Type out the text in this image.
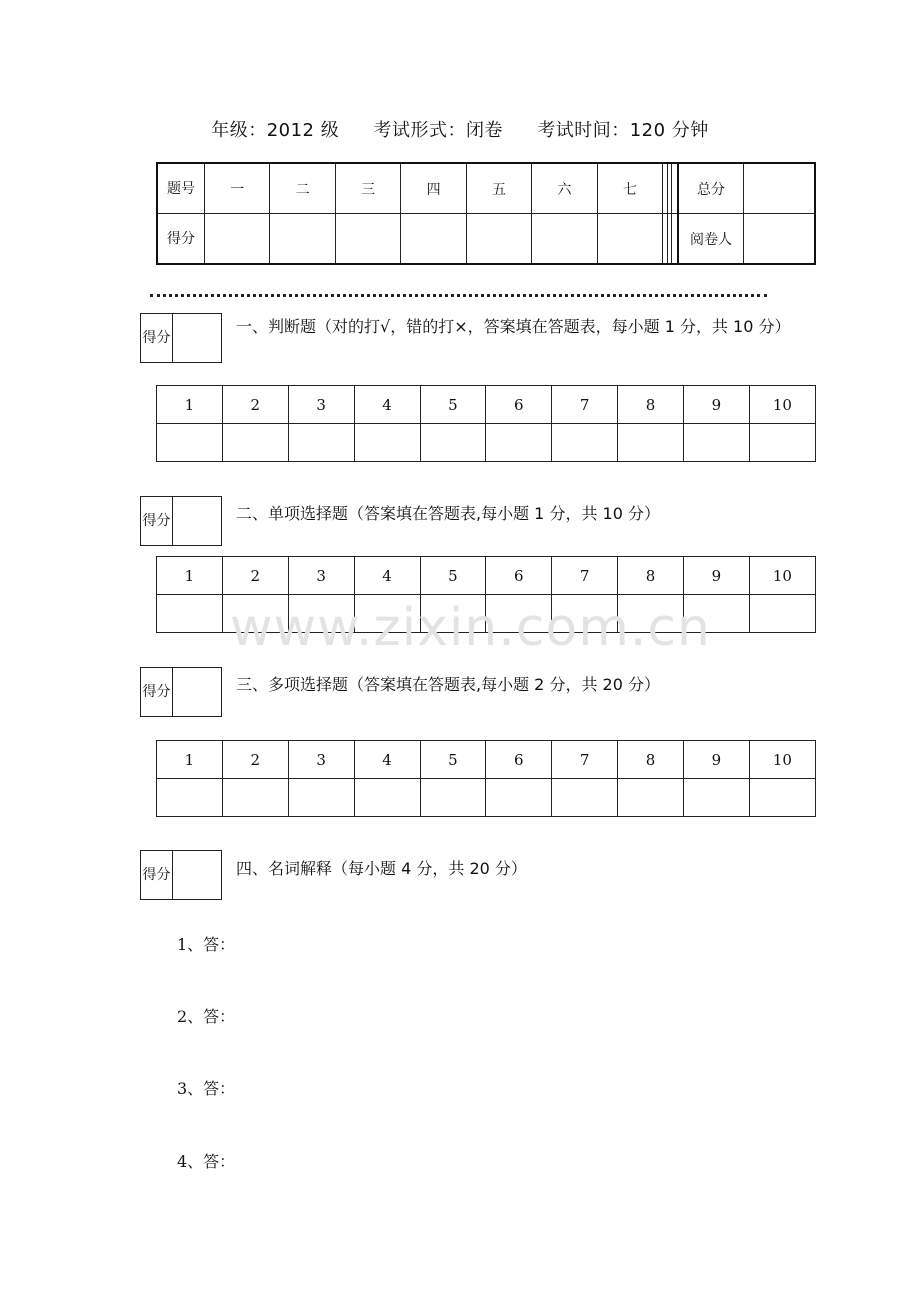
年级：2012 级 考试形式：闭卷 考试时间：120 分钟
题号	一	二	三	四	五	六	七				总分	
得分											阅卷人	
得分	
一、判断题（对的打√，错的打×，答案填在答题表，每小题 1 分，共 10 分）
1	2	3	4	5	6	7	8	9	10

得分		二、单项选择题（答案填在答题表,每小题 1 分，共 10 分）
1	2	3	4	5	6	7	8	9	10

www.zixin.com.cn
得分		三、多项选择题（答案填在答题表,每小题 2 分，共 20 分）
1	2	3	4	5	6	7	8	9	10

得分		四、名词解释（每小题 4 分，共 20 分）
1、答：
2、答：
3、答：
4、答：
